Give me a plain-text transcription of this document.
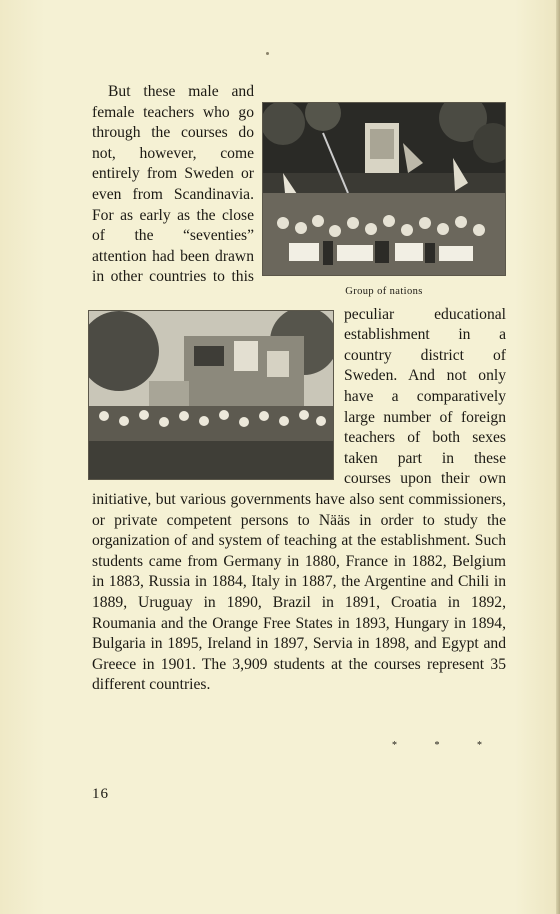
Group of nations

But these male and female teachers who go through the courses do not, however, come entirely from Sweden or even from Scandinavia. For as early as the close of the “seventies” attention had been drawn in other countries to this peculiar educational establishment in a country district of Sweden. And not only have a comparatively large number of foreign teachers of both sexes taken part in these courses upon their own initiative, but various governments have also sent commissioners, or private competent persons to Nääs in order to study the organization of and system of teaching at the establishment. Such students came from Germany in 1880, France in 1882, Belgium in 1883, Russia in 1884, Italy in 1887, the Argentine and Chili in 1889, Uruguay in 1890, Brazil in 1891, Croatia in 1892, Roumania and the Orange Free States in 1893, Hungary in 1894, Bulgaria in 1895, Ireland in 1897, Servia in 1898, and Egypt and Greece in 1901. The 3,909 students at the courses represent 35 different countries.

*	*	*
16
